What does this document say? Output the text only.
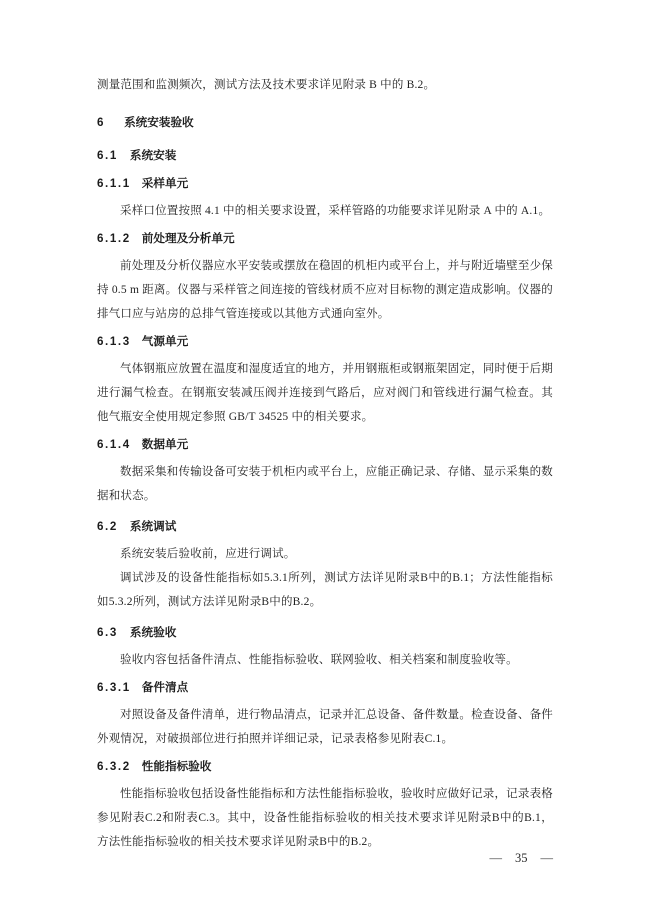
测量范围和监测频次，测试方法及技术要求详见附录 B 中的 B.2。

6 系统安装验收
6.1 系统安装
6.1.1 采样单元

采样口位置按照 4.1 中的相关要求设置，采样管路的功能要求详见附录 A 中的 A.1。

6.1.2 前处理及分析单元

前处理及分析仪器应水平安装或摆放在稳固的机柜内或平台上，并与附近墙壁至少保持 0.5 m 距离。仪器与采样管之间连接的管线材质不应对目标物的测定造成影响。仪器的排气口应与站房的总排气管连接或以其他方式通向室外。

6.1.3 气源单元

气体钢瓶应放置在温度和湿度适宜的地方，并用钢瓶柜或钢瓶架固定，同时便于后期进行漏气检查。在钢瓶安装减压阀并连接到气路后，应对阀门和管线进行漏气检查。其他气瓶安全使用规定参照 GB/T 34525 中的相关要求。

6.1.4 数据单元

数据采集和传输设备可安装于机柜内或平台上，应能正确记录、存储、显示采集的数据和状态。

6.2 系统调试

系统安装后验收前，应进行调试。

调试涉及的设备性能指标如5.3.1所列，测试方法详见附录B中的B.1；方法性能指标如5.3.2所列，测试方法详见附录B中的B.2。

6.3 系统验收

验收内容包括备件清点、性能指标验收、联网验收、相关档案和制度验收等。

6.3.1 备件清点

对照设备及备件清单，进行物品清点，记录并汇总设备、备件数量。检查设备、备件外观情况，对破损部位进行拍照并详细记录，记录表格参见附表C.1。

6.3.2 性能指标验收

性能指标验收包括设备性能指标和方法性能指标验收，验收时应做好记录，记录表格参见附表C.2和附表C.3。其中，设备性能指标验收的相关技术要求详见附录B中的B.1，方法性能指标验收的相关技术要求详见附录B中的B.2。

— 35 —
